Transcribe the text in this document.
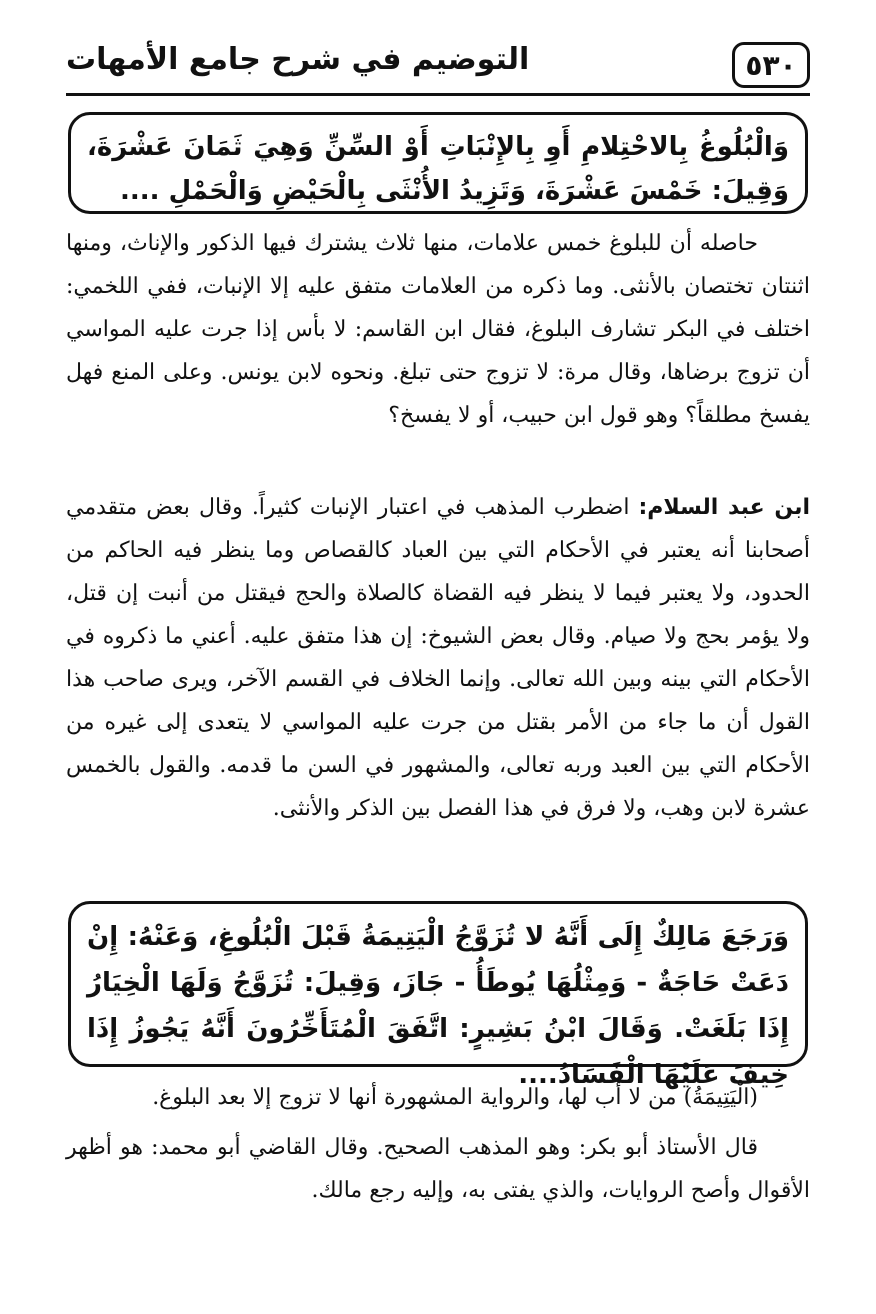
٥٣٠
التوضيم في شرح جامع الأمهات
وَالْبُلُوغُ بِالاحْتِلامِ أَوِ بِالإِنْبَاتِ أَوْ السِّنِّ وَهِيَ ثَمَانَ عَشْرَةَ، وَقِيلَ: خَمْسَ عَشْرَةَ، وَتَزِيدُ الأُنْثَى بِالْحَيْضِ وَالْحَمْلِ ....
حاصله أن للبلوغ خمس علامات، منها ثلاث يشترك فيها الذكور والإناث، ومنها اثنتان تختصان بالأنثى. وما ذكره من العلامات متفق عليه إلا الإنبات، ففي اللخمي: اختلف في البكر تشارف البلوغ، فقال ابن القاسم: لا بأس إذا جرت عليه المواسي أن تزوج برضاها، وقال مرة: لا تزوج حتى تبلغ. ونحوه لابن يونس. وعلى المنع فهل يفسخ مطلقاً؟ وهو قول ابن حبيب، أو لا يفسخ؟
ابن عبد السلام: اضطرب المذهب في اعتبار الإنبات كثيراً. وقال بعض متقدمي أصحابنا أنه يعتبر في الأحكام التي بين العباد كالقصاص وما ينظر فيه الحاكم من الحدود، ولا يعتبر فيما لا ينظر فيه القضاة كالصلاة والحج فيقتل من أنبت إن قتل، ولا يؤمر بحج ولا صيام. وقال بعض الشيوخ: إن هذا متفق عليه. أعني ما ذكروه في الأحكام التي بينه وبين الله تعالى. وإنما الخلاف في القسم الآخر، ويرى صاحب هذا القول أن ما جاء من الأمر بقتل من جرت عليه المواسي لا يتعدى إلى غيره من الأحكام التي بين العبد وربه تعالى، والمشهور في السن ما قدمه. والقول بالخمس عشرة لابن وهب، ولا فرق في هذا الفصل بين الذكر والأنثى.
وَرَجَعَ مَالِكٌ إِلَى أَنَّهُ لا تُزَوَّجُ الْيَتِيمَةُ قَبْلَ الْبُلُوغِ، وَعَنْهُ: إِنْ دَعَتْ حَاجَةٌ - وَمِثْلُهَا يُوطَأُ - جَازَ، وَقِيلَ: تُزَوَّجُ وَلَهَا الْخِيَارُ إِذَا بَلَغَتْ. وَقَالَ ابْنُ بَشِيرٍ: اتَّفَقَ الْمُتَأَخِّرُونَ أَنَّهُ يَجُوزُ إِذَا خِيفَ عَلَيْهَا الْفَسَادُ....
(الْيَتِيمَةُ) من لا أب لها، والرواية المشهورة أنها لا تزوج إلا بعد البلوغ.
قال الأستاذ أبو بكر: وهو المذهب الصحيح. وقال القاضي أبو محمد: هو أظهر الأقوال وأصح الروايات، والذي يفتى به، وإليه رجع مالك.
